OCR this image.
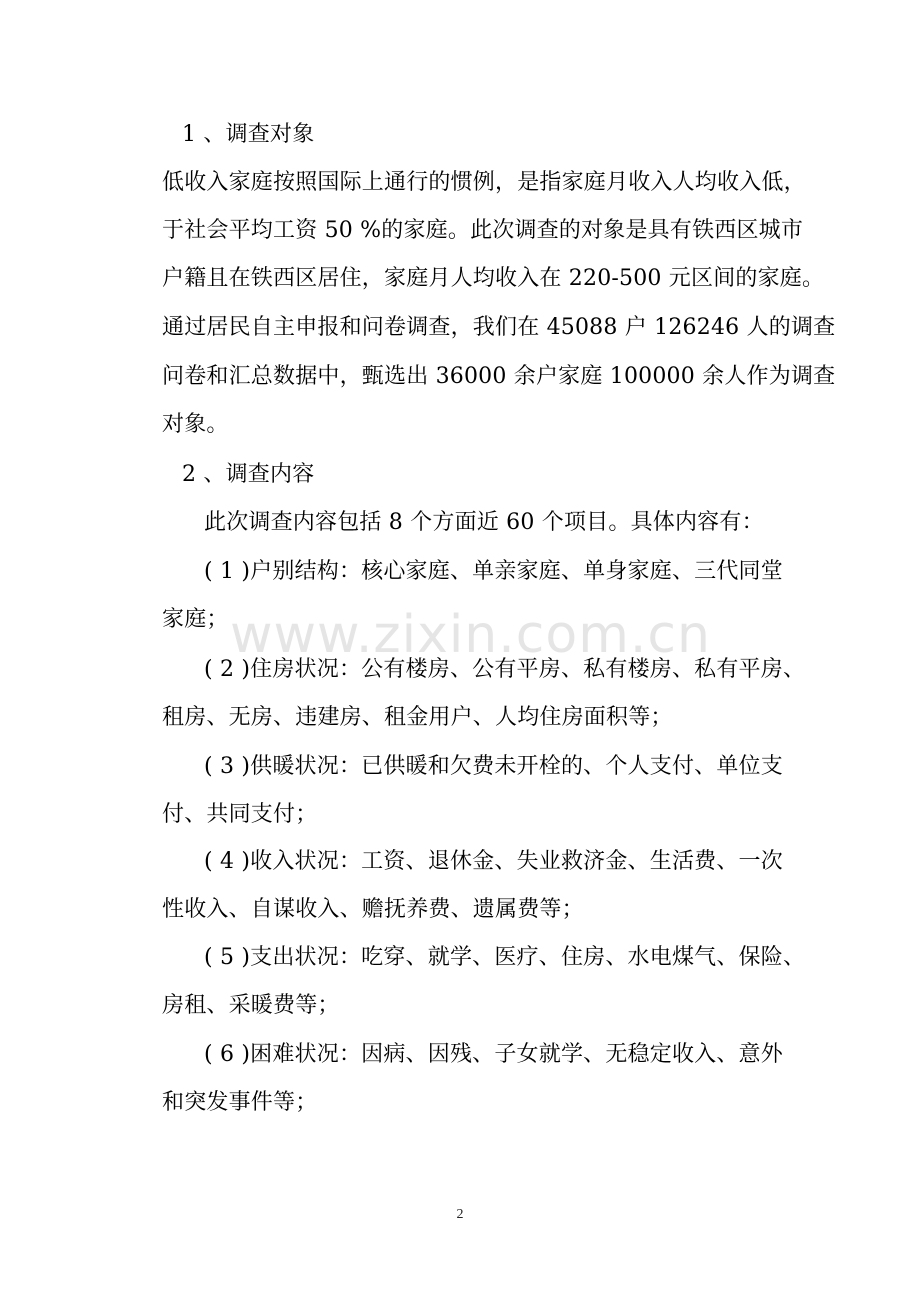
1 、调查对象
低收入家庭按照国际上通行的惯例，是指家庭月收入人均收入低，
于社会平均工资 50 %的家庭。此次调查的对象是具有铁西区城市
户籍且在铁西区居住，家庭月人均收入在 220-500 元区间的家庭。
通过居民自主申报和问卷调查，我们在 45088 户 126246 人的调查
问卷和汇总数据中，甄选出 36000 余户家庭 100000 余人作为调查
对象。
2 、调查内容
此次调查内容包括 8 个方面近 60 个项目。具体内容有：
( 1 )户别结构：核心家庭、单亲家庭、单身家庭、三代同堂
家庭；
( 2 )住房状况：公有楼房、公有平房、私有楼房、私有平房、
租房、无房、违建房、租金用户、人均住房面积等；
( 3 )供暖状况：已供暖和欠费未开栓的、个人支付、单位支
付、共同支付；
( 4 )收入状况：工资、退休金、失业救济金、生活费、一次
性收入、自谋收入、赡抚养费、遗属费等；
( 5 )支出状况：吃穿、就学、医疗、住房、水电煤气、保险、
房租、采暖费等；
( 6 )困难状况：因病、因残、子女就学、无稳定收入、意外
和突发事件等；
www.zixin.com.cn
2
